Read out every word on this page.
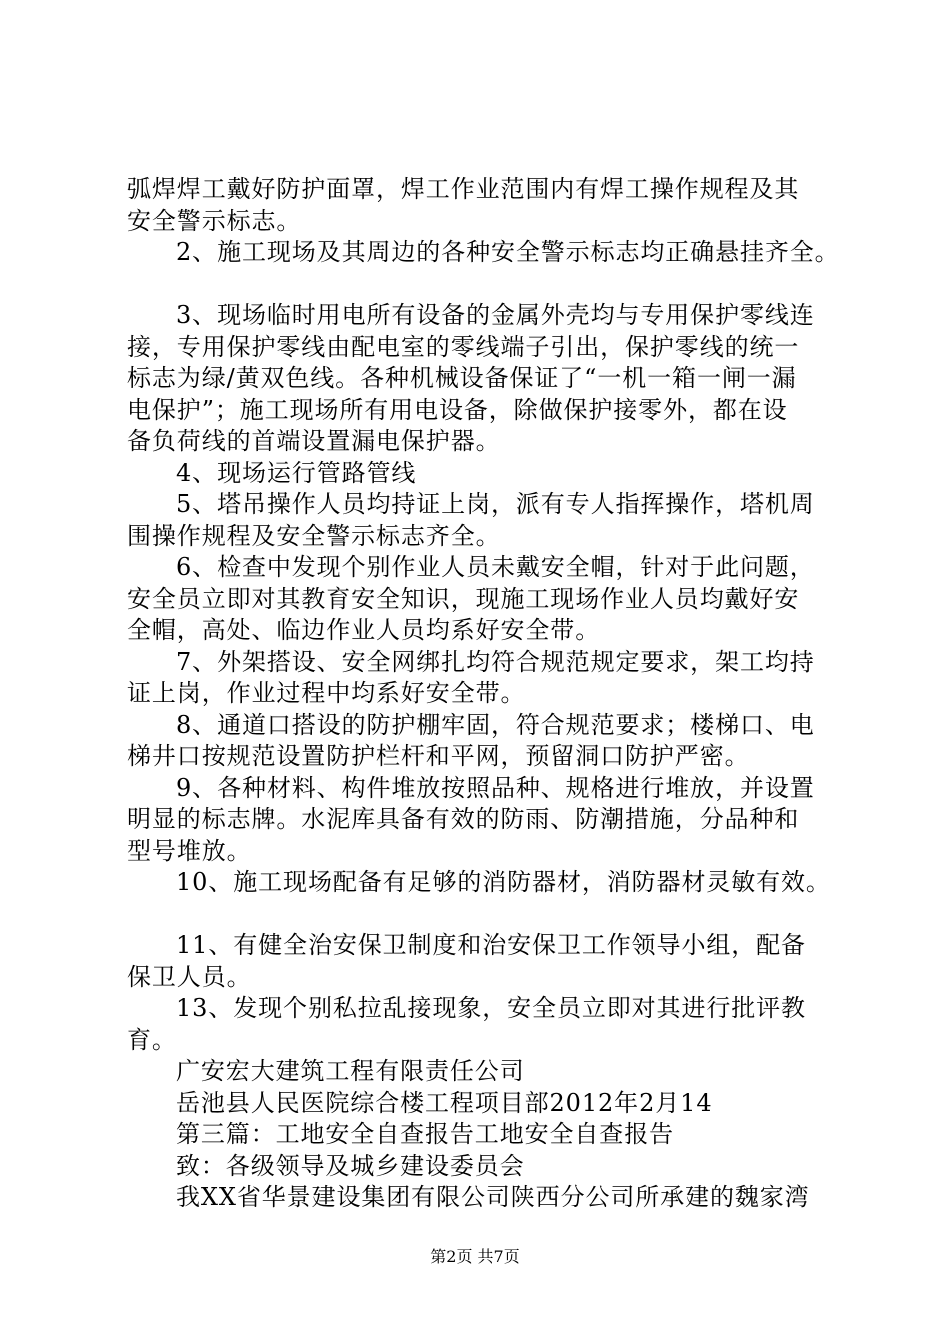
弧焊焊工戴好防护面罩，焊工作业范围内有焊工操作规程及其
安全警示标志。
2、施工现场及其周边的各种安全警示标志均正确悬挂齐全。
3、现场临时用电所有设备的金属外壳均与专用保护零线连
接，专用保护零线由配电室的零线端子引出，保护零线的统一
标志为绿/黄双色线。各种机械设备保证了“一机一箱一闸一漏
电保护”；施工现场所有用电设备，除做保护接零外，都在设
备负荷线的首端设置漏电保护器。
4、现场运行管路管线
5、塔吊操作人员均持证上岗，派有专人指挥操作，塔机周
围操作规程及安全警示标志齐全。
6、检查中发现个别作业人员未戴安全帽，针对于此问题，
安全员立即对其教育安全知识，现施工现场作业人员均戴好安
全帽，高处、临边作业人员均系好安全带。
7、外架搭设、安全网绑扎均符合规范规定要求，架工均持
证上岗，作业过程中均系好安全带。
8、通道口搭设的防护棚牢固，符合规范要求；楼梯口、电
梯井口按规范设置防护栏杆和平网，预留洞口防护严密。
9、各种材料、构件堆放按照品种、规格进行堆放，并设置
明显的标志牌。水泥库具备有效的防雨、防潮措施，分品种和
型号堆放。
10、施工现场配备有足够的消防器材，消防器材灵敏有效。
11、有健全治安保卫制度和治安保卫工作领导小组，配备
保卫人员。
13、发现个别私拉乱接现象，安全员立即对其进行批评教
育。
广安宏大建筑工程有限责任公司
岳池县人民医院综合楼工程项目部2012年2月14
第三篇：工地安全自查报告工地安全自查报告
致：各级领导及城乡建设委员会
我XX省华景建设集团有限公司陕西分公司所承建的魏家湾
第2页 共7页
